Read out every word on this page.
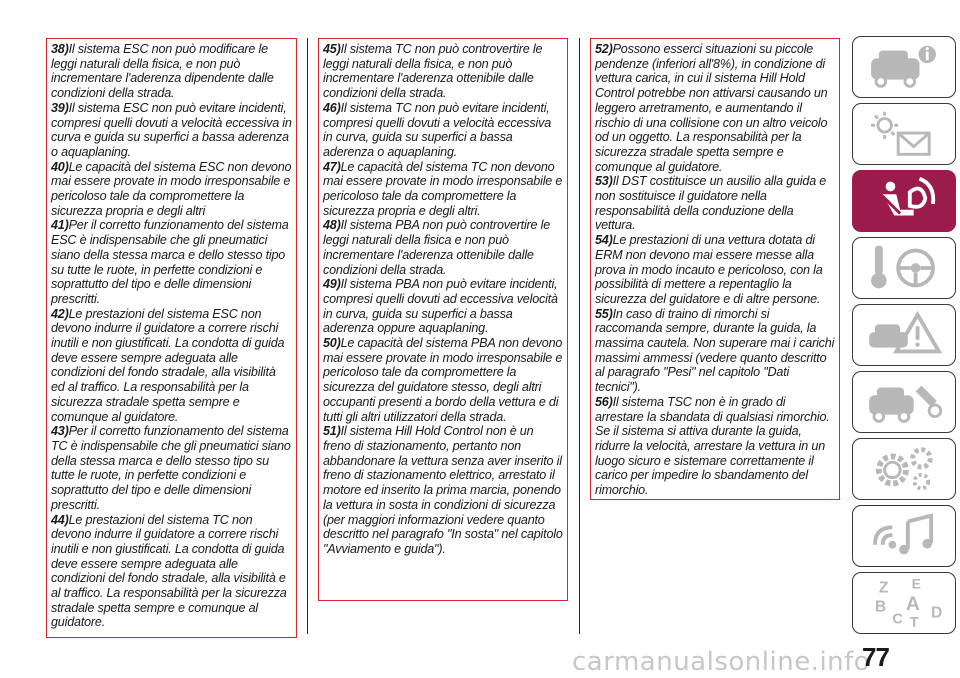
38)Il sistema ESC non può modificare le leggi naturali della fisica, e non può incrementare l'aderenza dipendente dalle condizioni della strada.

39)Il sistema ESC non può evitare incidenti, compresi quelli dovuti a velocità eccessiva in curva e guida su superfici a bassa aderenza o aquaplaning.

40)Le capacità del sistema ESC non devono mai essere provate in modo irresponsabile e pericoloso tale da compromettere la sicurezza propria e degli altri

41)Per il corretto funzionamento del sistema ESC è indispensabile che gli pneumatici siano della stessa marca e dello stesso tipo su tutte le ruote, in perfette condizioni e soprattutto del tipo e delle dimensioni prescritti.

42)Le prestazioni del sistema ESC non devono indurre il guidatore a correre rischi inutili e non giustificati. La condotta di guida deve essere sempre adeguata alle condizioni del fondo stradale, alla visibilità ed al traffico. La responsabilità per la sicurezza stradale spetta sempre e comunque al guidatore.

43)Per il corretto funzionamento del sistema TC è indispensabile che gli pneumatici siano della stessa marca e dello stesso tipo su tutte le ruote, in perfette condizioni e soprattutto del tipo e delle dimensioni prescritti.

44)Le prestazioni del sistema TC non devono indurre il guidatore a correre rischi inutili e non giustificati. La condotta di guida deve essere sempre adeguata alle condizioni del fondo stradale, alla visibilità e al traffico. La responsabilità per la sicurezza stradale spetta sempre e comunque al guidatore.

45)Il sistema TC non può controvertire le leggi naturali della fisica, e non può incrementare l'aderenza ottenibile dalle condizioni della strada.

46)Il sistema TC non può evitare incidenti, compresi quelli dovuti a velocità eccessiva in curva, guida su superfici a bassa aderenza o aquaplaning.

47)Le capacità del sistema TC non devono mai essere provate in modo irresponsabile e pericoloso tale da compromettere la sicurezza propria e degli altri.

48)Il sistema PBA non può controvertire le leggi naturali della fisica e non può incrementare l'aderenza ottenibile dalle condizioni della strada.

49)Il sistema PBA non può evitare incidenti, compresi quelli dovuti ad eccessiva velocità in curva, guida su superfici a bassa aderenza oppure aquaplaning.

50)Le capacità del sistema PBA non devono mai essere provate in modo irresponsabile e pericoloso tale da compromettere la sicurezza del guidatore stesso, degli altri occupanti presenti a bordo della vettura e di tutti gli altri utilizzatori della strada.

51)Il sistema Hill Hold Control non è un freno di stazionamento, pertanto non abbandonare la vettura senza aver inserito il freno di stazionamento elettrico, arrestato il motore ed inserito la prima marcia, ponendo la vettura in sosta in condizioni di sicurezza (per maggiori informazioni vedere quanto descritto nel paragrafo "In sosta" nel capitolo "Avviamento e guida").

52)Possono esserci situazioni su piccole pendenze (inferiori all'8%), in condizione di vettura carica, in cui il sistema Hill Hold Control potrebbe non attivarsi causando un leggero arretramento, e aumentando il rischio di una collisione con un altro veicolo od un oggetto. La responsabilità per la sicurezza stradale spetta sempre e comunque al guidatore.

53)Il DST costituisce un ausilio alla guida e non sostituisce il guidatore nella responsabilità della conduzione della vettura.

54)Le prestazioni di una vettura dotata di ERM non devono mai essere messe alla prova in modo incauto e pericoloso, con la possibilità di mettere a repentaglio la sicurezza del guidatore e di altre persone.

55)In caso di traino di rimorchi si raccomanda sempre, durante la guida, la massima cautela. Non superare mai i carichi massimi ammessi (vedere quanto descritto al paragrafo "Pesi" nel capitolo "Dati tecnici").

56)Il sistema TSC non è in grado di arrestare la sbandata di qualsiasi rimorchio. Se il sistema si attiva durante la guida, ridurre la velocità, arrestare la vettura in un luogo sicuro e sistemare correttamente il carico per impedire lo sbandamento del rimorchio.

Z E
B A
C T
D
carmanualsonline.info
77
